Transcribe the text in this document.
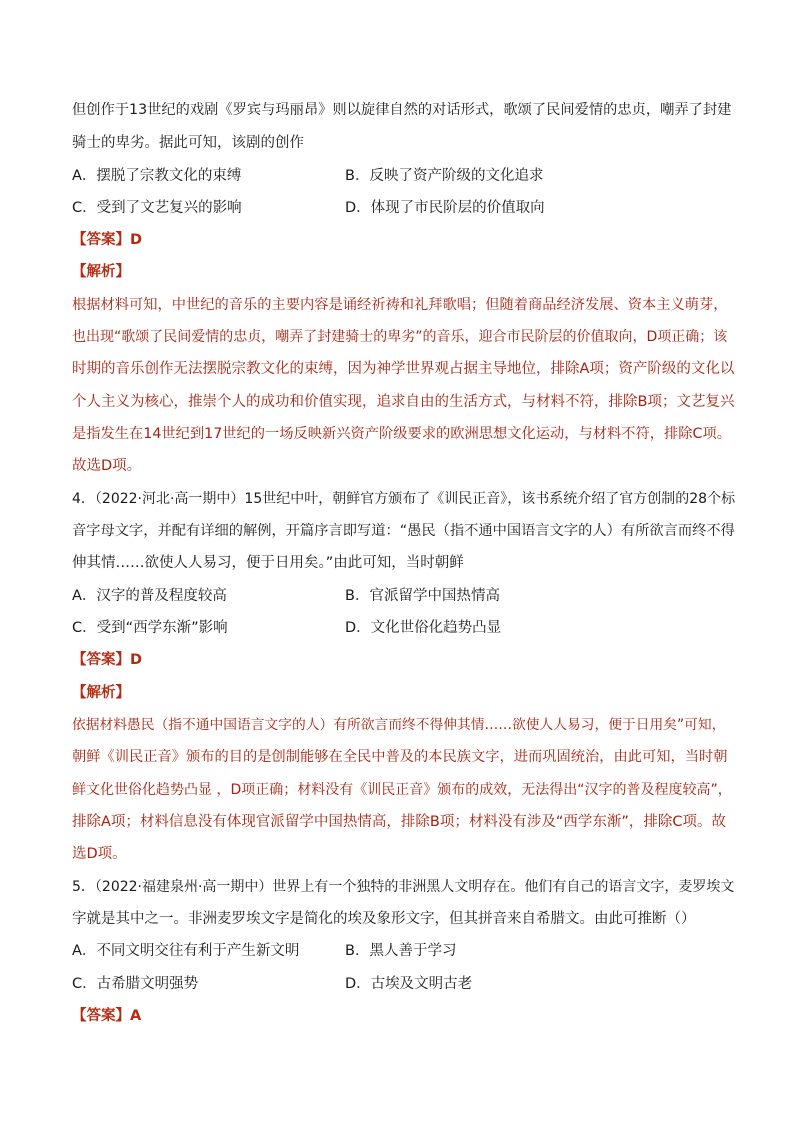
但创作于13世纪的戏剧《罗宾与玛丽昂》则以旋律自然的对话形式，歌颂了民间爱情的忠贞，嘲弄了封建
骑士的卑劣。据此可知，该剧的创作
A．摆脱了宗教文化的束缚	B．反映了资产阶级的文化追求
C．受到了文艺复兴的影响	D．体现了市民阶层的价值取向
【答案】D
【解析】
根据材料可知，中世纪的音乐的主要内容是诵经祈祷和礼拜歌唱；但随着商品经济发展、资本主义萌芽，
也出现“歌颂了民间爱情的忠贞，嘲弄了封建骑士的卑劣”的音乐，迎合市民阶层的价值取向，D项正确；该
时期的音乐创作无法摆脱宗教文化的束缚，因为神学世界观占据主导地位，排除A项；资产阶级的文化以
个人主义为核心，推崇个人的成功和价值实现，追求自由的生活方式，与材料不符，排除B项；文艺复兴
是指发生在14世纪到17世纪的一场反映新兴资产阶级要求的欧洲思想文化运动，与材料不符，排除C项。
故选D项。
4．（2022·河北·高一期中）15世纪中叶，朝鲜官方颁布了《训民正音》，该书系统介绍了官方创制的28个标
音字母文字，并配有详细的解例，开篇序言即写道：“愚民（指不通中国语言文字的人）有所欲言而终不得
伸其情……欲使人人易习，便于日用矣。”由此可知，当时朝鲜
A．汉字的普及程度较高	B．官派留学中国热情高
C．受到“西学东渐”影响	D．文化世俗化趋势凸显
【答案】D
【解析】
依据材料愚民（指不通中国语言文字的人）有所欲言而终不得伸其情……欲使人人易习，便于日用矣”可知，
朝鲜《训民正音》颁布的目的是创制能够在全民中普及的本民族文字，进而巩固统治，由此可知，当时朝
鲜文化世俗化趋势凸显 ，D项正确；材料没有《训民正音》颁布的成效，无法得出“汉字的普及程度较高”，
排除A项；材料信息没有体现官派留学中国热情高，排除B项；材料没有涉及“西学东渐”，排除C项。故
选D项。
5．（2022·福建泉州·高一期中）世界上有一个独特的非洲黑人文明存在。他们有自己的语言文字，麦罗埃文
字就是其中之一。非洲麦罗埃文字是简化的埃及象形文字，但其拼音来自希腊文。由此可推断（）
A．不同文明交往有利于产生新文明	B．黑人善于学习
C．古希腊文明强势	D．古埃及文明古老
【答案】A
